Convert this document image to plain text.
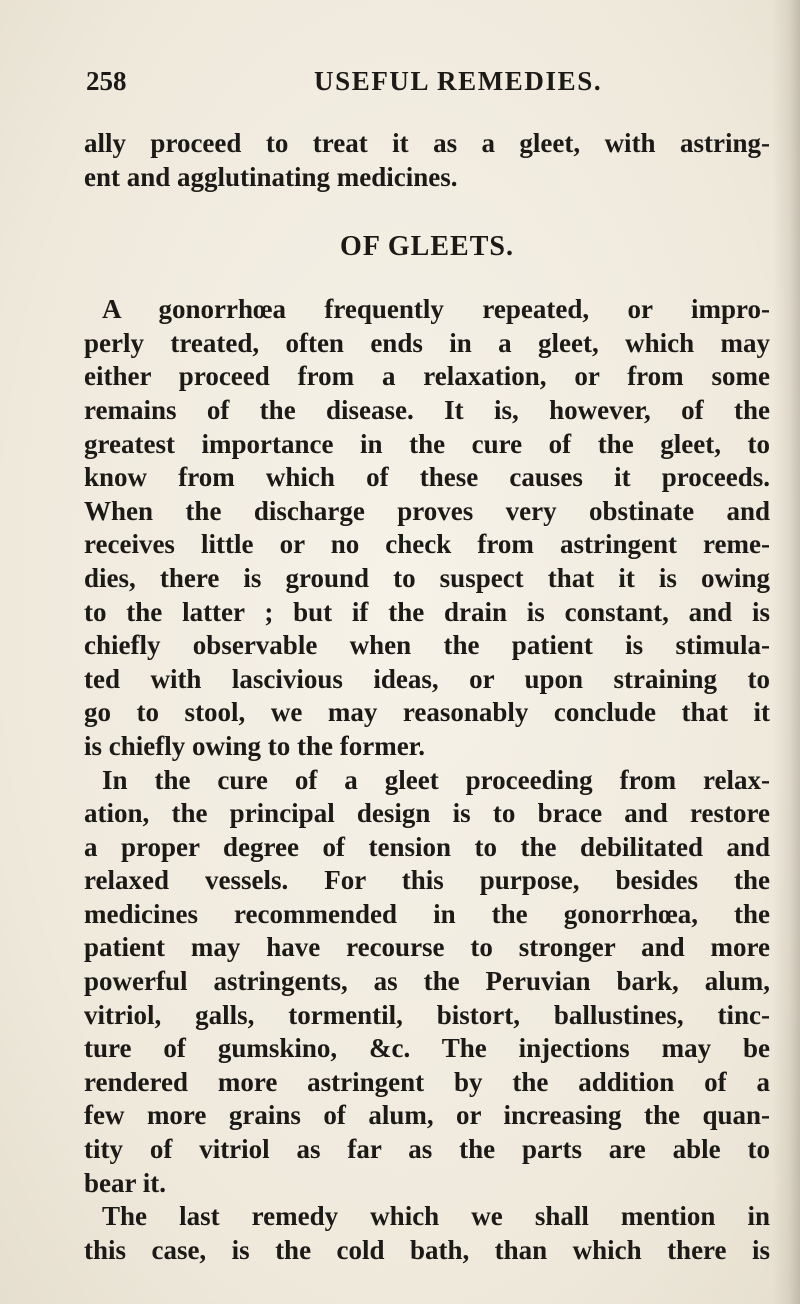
258	USEFUL REMEDIES.
ally proceed to treat it as a gleet, with astring-
ent and agglutinating medicines.
OF GLEETS.
A gonorrhœa frequently repeated, or impro-
perly treated, often ends in a gleet, which may
either proceed from a relaxation, or from some
remains of the disease. It is, however, of the
greatest importance in the cure of the gleet, to
know from which of these causes it proceeds.
When the discharge proves very obstinate and
receives little or no check from astringent reme-
dies, there is ground to suspect that it is owing
to the latter ; but if the drain is constant, and is
chiefly observable when the patient is stimula-
ted with lascivious ideas, or upon straining to
go to stool, we may reasonably conclude that it
is chiefly owing to the former.
In the cure of a gleet proceeding from relax-
ation, the principal design is to brace and restore
a proper degree of tension to the debilitated and
relaxed vessels. For this purpose, besides the
medicines recommended in the gonorrhœa, the
patient may have recourse to stronger and more
powerful astringents, as the Peruvian bark, alum,
vitriol, galls, tormentil, bistort, ballustines, tinc-
ture of gumskino, &c. The injections may be
rendered more astringent by the addition of a
few more grains of alum, or increasing the quan-
tity of vitriol as far as the parts are able to
bear it.
The last remedy which we shall mention in
this case, is the cold bath, than which there is
